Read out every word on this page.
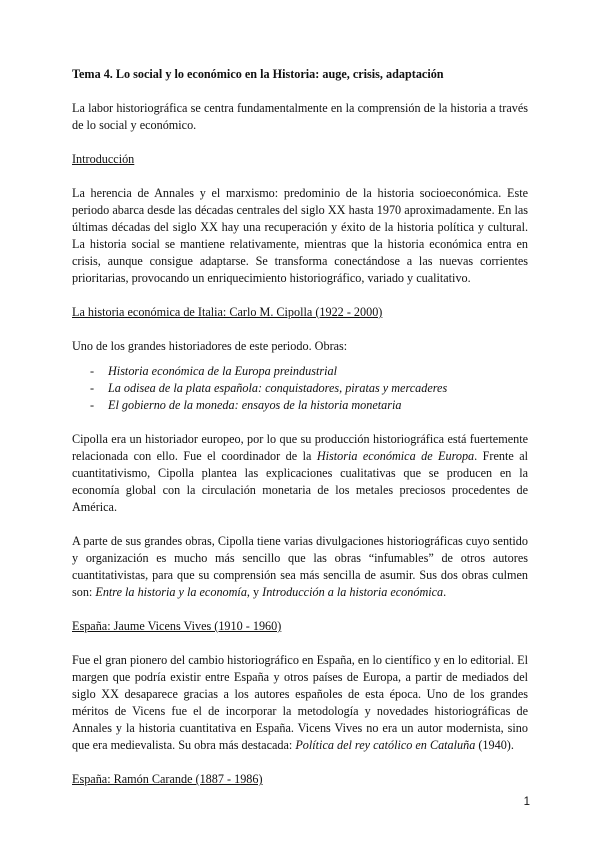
Tema 4. Lo social y lo económico en la Historia: auge, crisis, adaptación

La labor historiográfica se centra fundamentalmente en la comprensión de la historia a través de lo social y económico.

Introducción

La herencia de Annales y el marxismo: predominio de la historia socioeconómica. Este periodo abarca desde las décadas centrales del siglo XX hasta 1970 aproximadamente. En las últimas décadas del siglo XX hay una recuperación y éxito de la historia política y cultural. La historia social se mantiene relativamente, mientras que la historia económica entra en crisis, aunque consigue adaptarse. Se transforma conectándose a las nuevas corrientes prioritarias, provocando un enriquecimiento historiográfico, variado y cualitativo.

La historia económica de Italia: Carlo M. Cipolla (1922 - 2000)

Uno de los grandes historiadores de este periodo. Obras:

- Historia económica de la Europa preindustrial
- La odisea de la plata española: conquistadores, piratas y mercaderes
- El gobierno de la moneda: ensayos de la historia monetaria

Cipolla era un historiador europeo, por lo que su producción historiográfica está fuertemente relacionada con ello. Fue el coordinador de la Historia económica de Europa. Frente al cuantitativismo, Cipolla plantea las explicaciones cualitativas que se producen en la economía global con la circulación monetaria de los metales preciosos procedentes de América.

A parte de sus grandes obras, Cipolla tiene varias divulgaciones historiográficas cuyo sentido y organización es mucho más sencillo que las obras “infumables” de otros autores cuantitativistas, para que su comprensión sea más sencilla de asumir. Sus dos obras culmen son: Entre la historia y la economía, y Introducción a la historia económica.

España: Jaume Vicens Vives (1910 - 1960)

Fue el gran pionero del cambio historiográfico en España, en lo científico y en lo editorial. El margen que podría existir entre España y otros países de Europa, a partir de mediados del siglo XX desaparece gracias a los autores españoles de esta época. Uno de los grandes méritos de Vicens fue el de incorporar la metodología y novedades historiográficas de Annales y la historia cuantitativa en España. Vicens Vives no era un autor modernista, sino que era medievalista. Su obra más destacada: Política del rey católico en Cataluña (1940).

España: Ramón Carande (1887 - 1986)
1
